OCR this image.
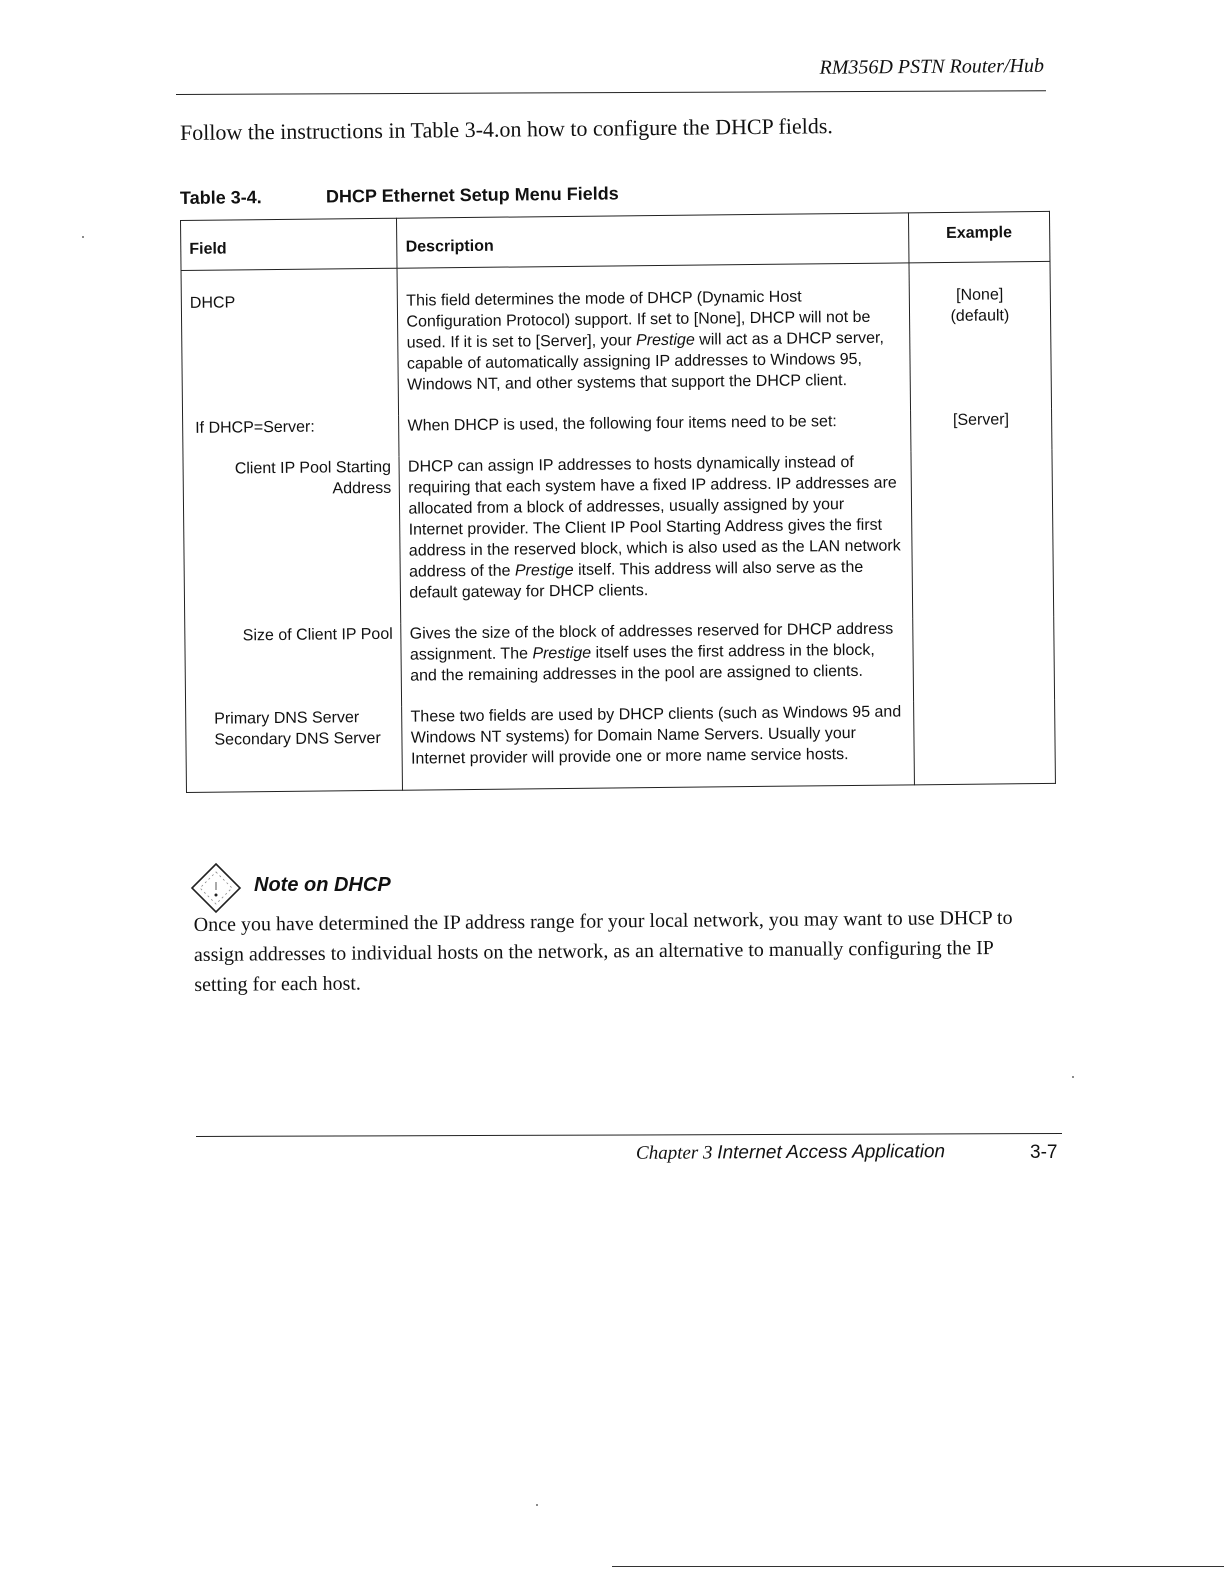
RM356D PSTN Router/Hub
Follow the instructions in Table 3-4.on how to configure the DHCP fields.
Table 3-4.	DHCP Ethernet Setup Menu Fields
Field	Description	Example
DHCP	This field determines the mode of DHCP (Dynamic Host Configuration Protocol) support. If set to [None], DHCP will not be used. If it is set to [Server], your Prestige will act as a DHCP server, capable of automatically assigning IP addresses to Windows 95, Windows NT, and other systems that support the DHCP client.	[None]
(default)
If DHCP=Server:	When DHCP is used, the following four items need to be set:	[Server]
Client IP Pool Starting Address	DHCP can assign IP addresses to hosts dynamically instead of requiring that each system have a fixed IP address. IP addresses are allocated from a block of addresses, usually assigned by your Internet provider. The Client IP Pool Starting Address gives the first address in the reserved block, which is also used as the LAN network address of the Prestige itself. This address will also serve as the default gateway for DHCP clients.	
Size of Client IP Pool	Gives the size of the block of addresses reserved for DHCP address assignment. The Prestige itself uses the first address in the block, and the remaining addresses in the pool are assigned to clients.	
Primary DNS Server
Secondary DNS Server	These two fields are used by DHCP clients (such as Windows 95 and Windows NT systems) for Domain Name Servers. Usually your Internet provider will provide one or more name service hosts.	
Note on DHCP
Once you have determined the IP address range for your local network, you may want to use DHCP to assign addresses to individual hosts on the network, as an alternative to manually configuring the IP setting for each host.
Chapter 3 Internet Access Application	3-7
